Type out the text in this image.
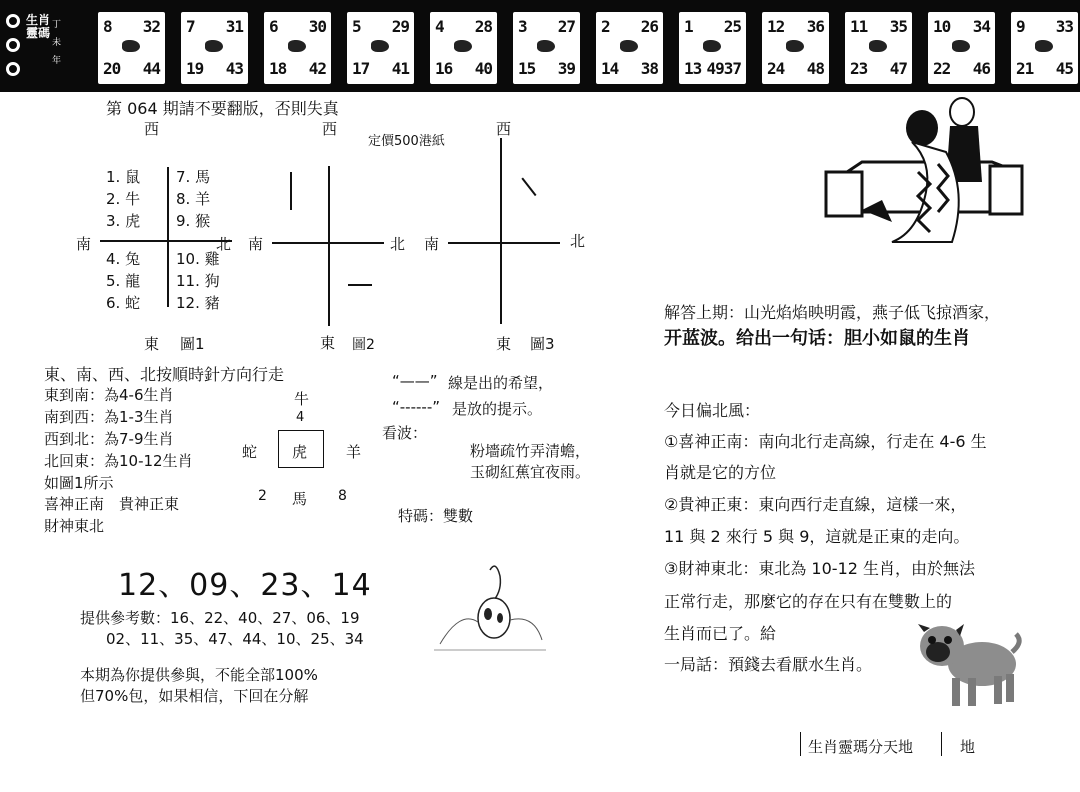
生肖靈碼
丁未年
8 32
20 44
7 31
19 43
6 30
18 42
5 29
17 41
4 28
16 40
3 27
15 39
2 26
14 38
1 25
13 4937
12 36
24 48
11 35
23 47
10 34
22 46
9 33
21 45
第 064 期請不要翻版，否則失真
定價500港紙
西	西	西
1. 鼠
2. 牛
3. 虎
4. 兔
5. 龍
6. 蛇
7. 馬
8. 羊
9. 猴
10. 雞
11. 狗
12. 豬
南	北 南	北 南	北
東 圖1	東 圖2	東 圖3
東、南、西、北按順時針方向行走
東到南：為4-6生肖
南到西：為1-3生肖
西到北：為7-9生肖
北回東：為10-12生肖
如圖1所示
喜神正南　貴神正東
財神東北
牛
4
蛇 虎	羊
2 馬 8
“——” 線是出的希望，
“------” 是放的提示。
看波：
粉墻疏竹弄清蟾，
玉砌紅蕉宜夜雨。
特碼：雙數
12、09、23、14
提供參考數：16、22、40、27、06、19
02、11、35、47、44、10、25、34
本期為你提供參與，不能全部100%
但70%包，如果相信，下回在分解
解答上期：山光焰焰映明霞，燕子低飞掠酒家，
开蓝波。给出一句话：胆小如鼠的生肖
今日偏北風：
①喜神正南：南向北行走高線，行走在 4-6 生
肖就是它的方位
②貴神正東：東向西行走直線，這樣一來，
11 與 2 來行 5 與 9，這就是正東的走向。
③財神東北：東北為 10-12 生肖，由於無法
正常行走，那麼它的存在只有在雙數上的
生肖而已了。給
一局話：預錢去看厭水生肖。
生肖靈瑪分天地	地
